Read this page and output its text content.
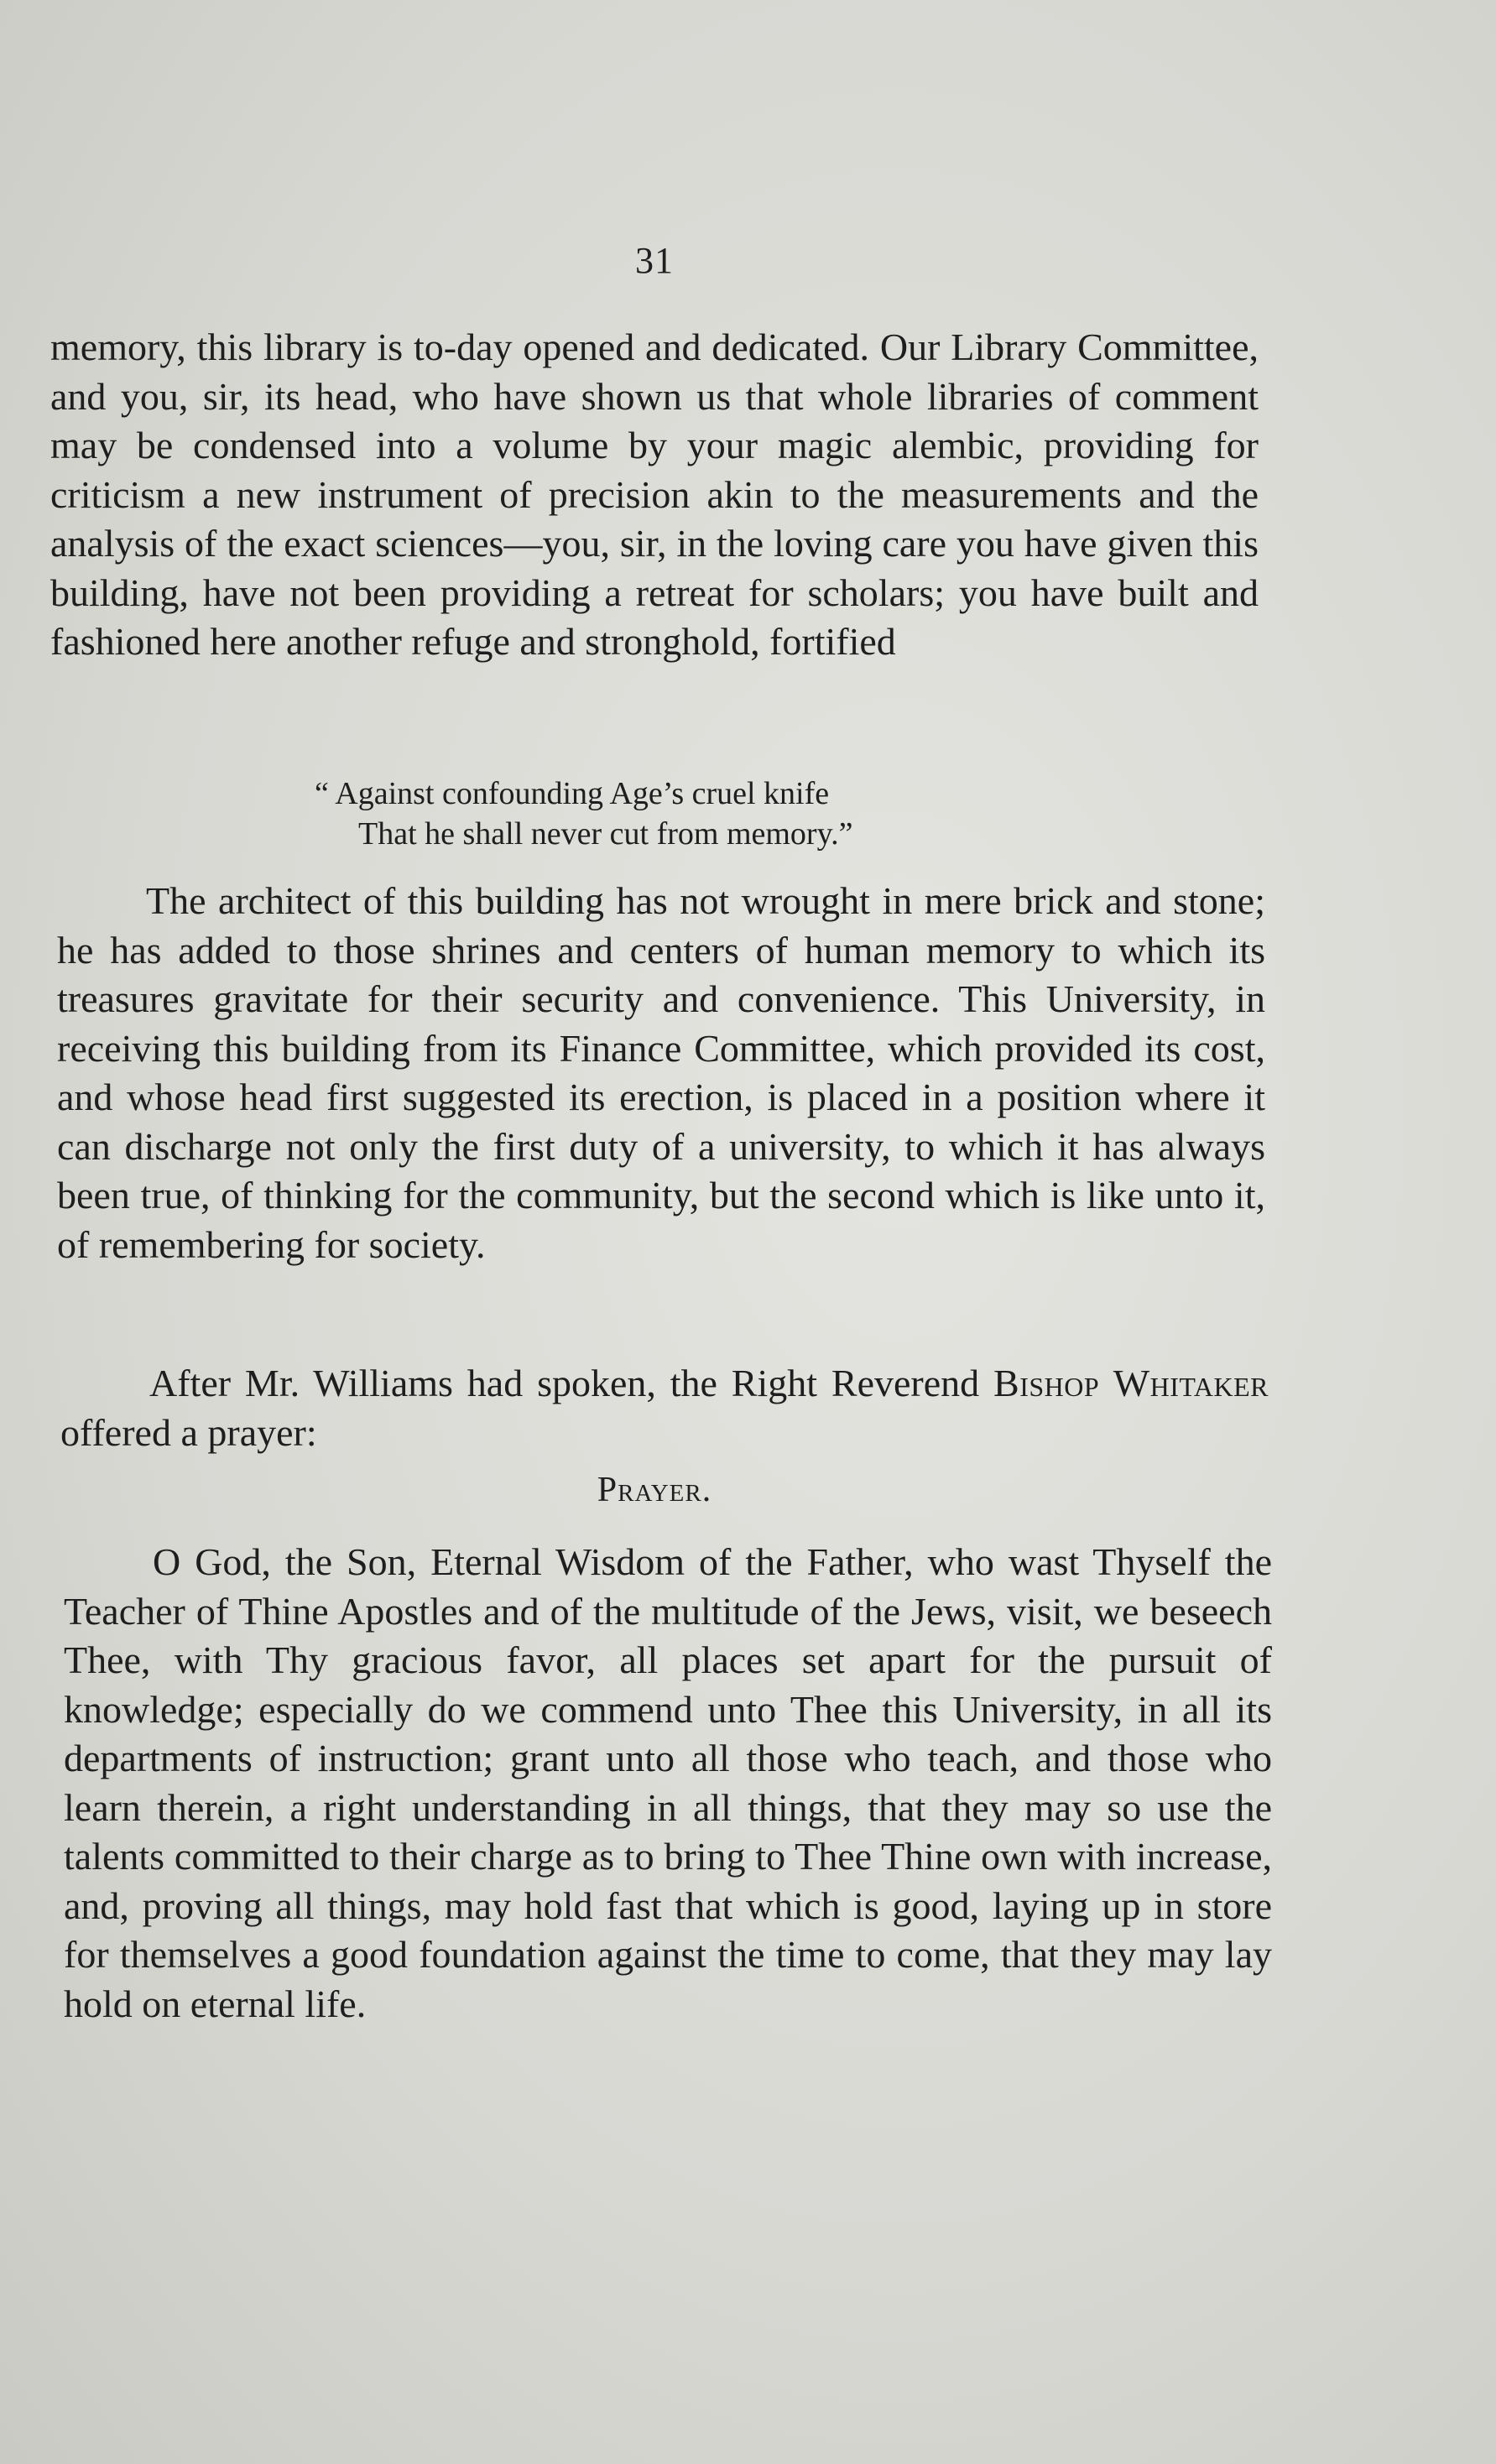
31

memory, this library is to-day opened and dedicated. Our Library Committee, and you, sir, its head, who have shown us that whole libraries of comment may be condensed into a volume by your magic alembic, providing for criticism a new instrument of precision akin to the measurements and the analysis of the exact sciences—you, sir, in the loving care you have given this building, have not been providing a retreat for scholars; you have built and fashioned here another refuge and stronghold, fortified

“ Against confounding Age’s cruel knife
That he shall never cut from memory.”

The architect of this building has not wrought in mere brick and stone; he has added to those shrines and centers of human memory to which its treasures gravitate for their security and convenience. This University, in receiving this building from its Finance Committee, which provided its cost, and whose head first suggested its erection, is placed in a position where it can discharge not only the first duty of a university, to which it has always been true, of thinking for the community, but the second which is like unto it, of remembering for society.

After Mr. Williams had spoken, the Right Reverend Bishop Whitaker offered a prayer:

Prayer.

O God, the Son, Eternal Wisdom of the Father, who wast Thyself the Teacher of Thine Apostles and of the multitude of the Jews, visit, we beseech Thee, with Thy gracious favor, all places set apart for the pursuit of knowledge; especially do we commend unto Thee this University, in all its departments of instruction; grant unto all those who teach, and those who learn therein, a right understanding in all things, that they may so use the talents committed to their charge as to bring to Thee Thine own with increase, and, proving all things, may hold fast that which is good, laying up in store for themselves a good foundation against the time to come, that they may lay hold on eternal life.
